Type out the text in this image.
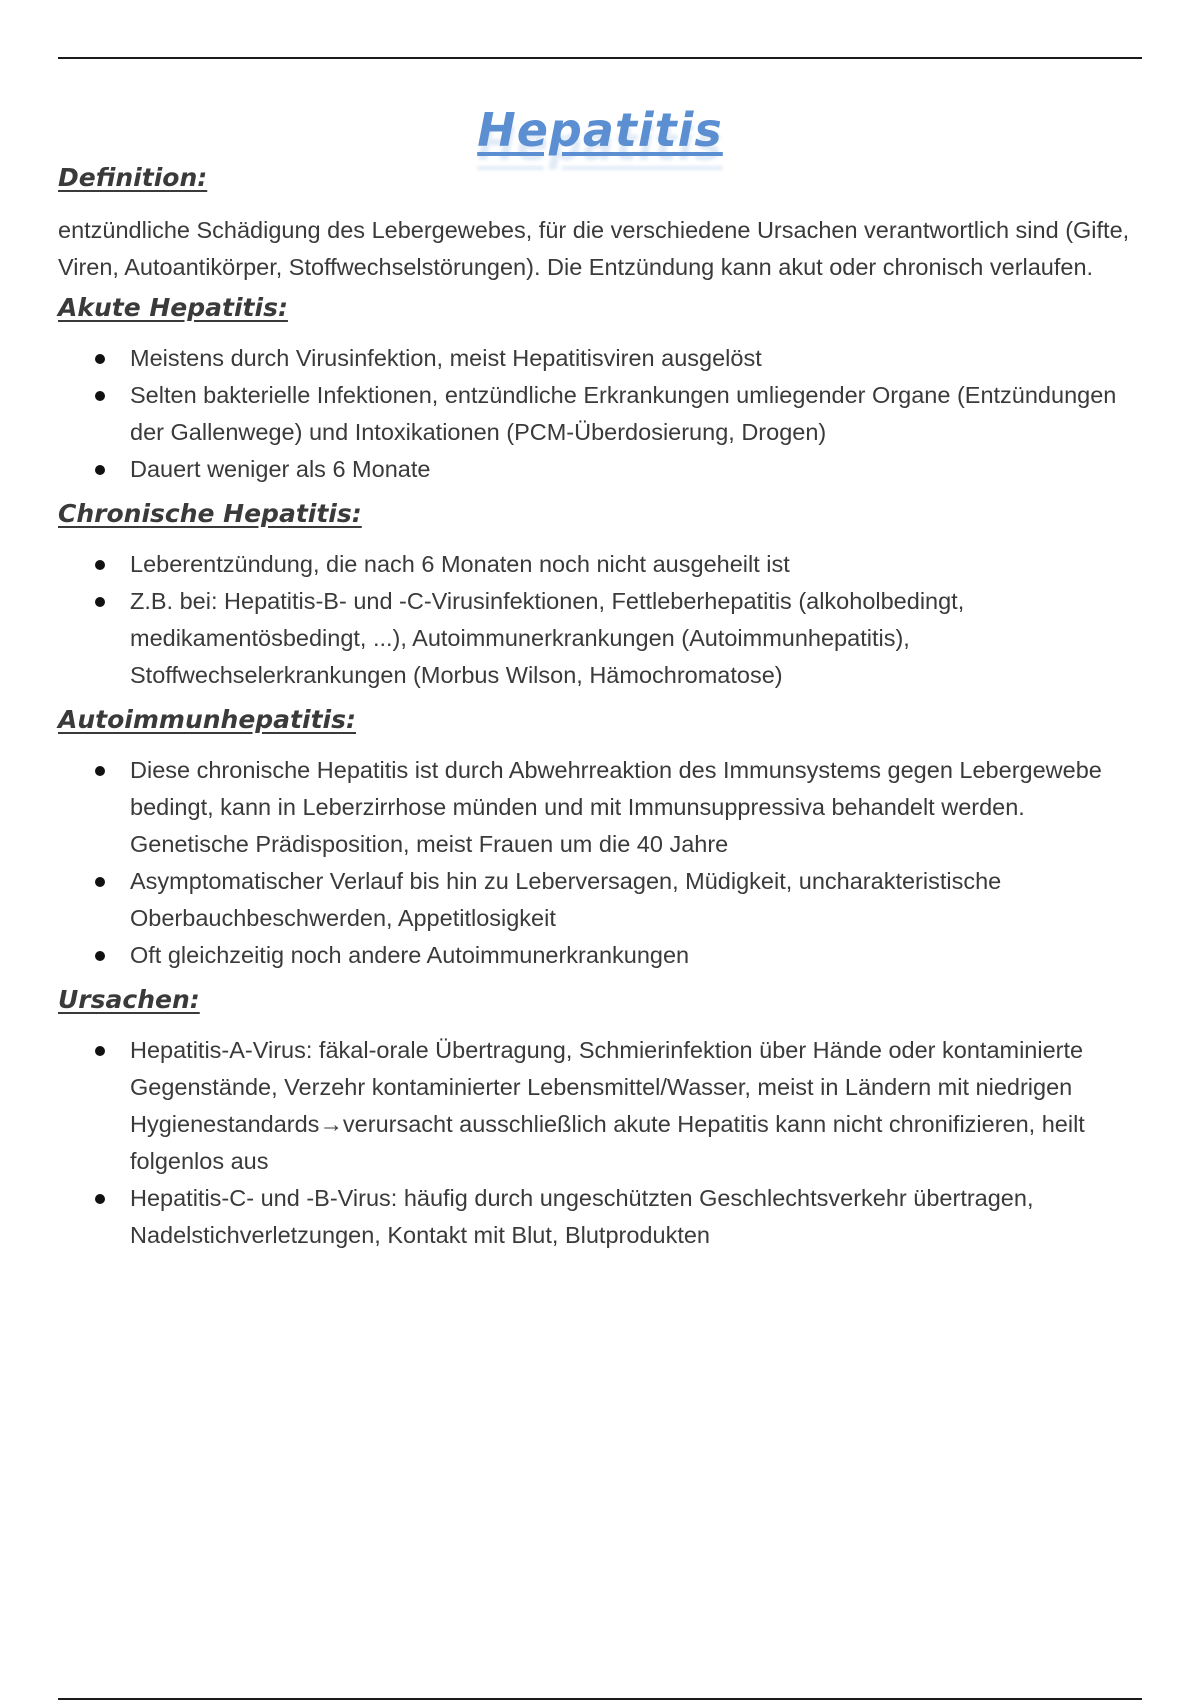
Hepatitis
Definition:

entzündliche Schädigung des Lebergewebes, für die verschiedene Ursachen verantwortlich sind (Gifte, Viren, Autoantikörper, Stoffwechselstörungen). Die Entzündung kann akut oder chronisch verlaufen.

Akute Hepatitis:
Meistens durch Virusinfektion, meist Hepatitisviren ausgelöst
Selten bakterielle Infektionen, entzündliche Erkrankungen umliegender Organe (Entzündungen der Gallenwege) und Intoxikationen (PCM-Überdosierung, Drogen)
Dauert weniger als 6 Monate
Chronische Hepatitis:
Leberentzündung, die nach 6 Monaten noch nicht ausgeheilt ist
Z.B. bei: Hepatitis-B- und -C-Virusinfektionen, Fettleberhepatitis (alkoholbedingt, medikamentösbedingt, ...), Autoimmunerkrankungen (Autoimmunhepatitis), Stoffwechselerkrankungen (Morbus Wilson, Hämochromatose)
Autoimmunhepatitis:
Diese chronische Hepatitis ist durch Abwehrreaktion des Immunsystems gegen Lebergewebe bedingt, kann in Leberzirrhose münden und mit Immunsuppressiva behandelt werden. Genetische Prädisposition, meist Frauen um die 40 Jahre
Asymptomatischer Verlauf bis hin zu Leberversagen, Müdigkeit, uncharakteristische Oberbauchbeschwerden, Appetitlosigkeit
Oft gleichzeitig noch andere Autoimmunerkrankungen
Ursachen:
Hepatitis-A-Virus: fäkal-orale Übertragung, Schmierinfektion über Hände oder kontaminierte Gegenstände, Verzehr kontaminierter Lebensmittel/Wasser, meist in Ländern mit niedrigen Hygienestandards→verursacht ausschließlich akute Hepatitis kann nicht chronifizieren, heilt folgenlos aus
Hepatitis-C- und -B-Virus: häufig durch ungeschützten Geschlechtsverkehr übertragen, Nadelstichverletzungen, Kontakt mit Blut, Blutprodukten
